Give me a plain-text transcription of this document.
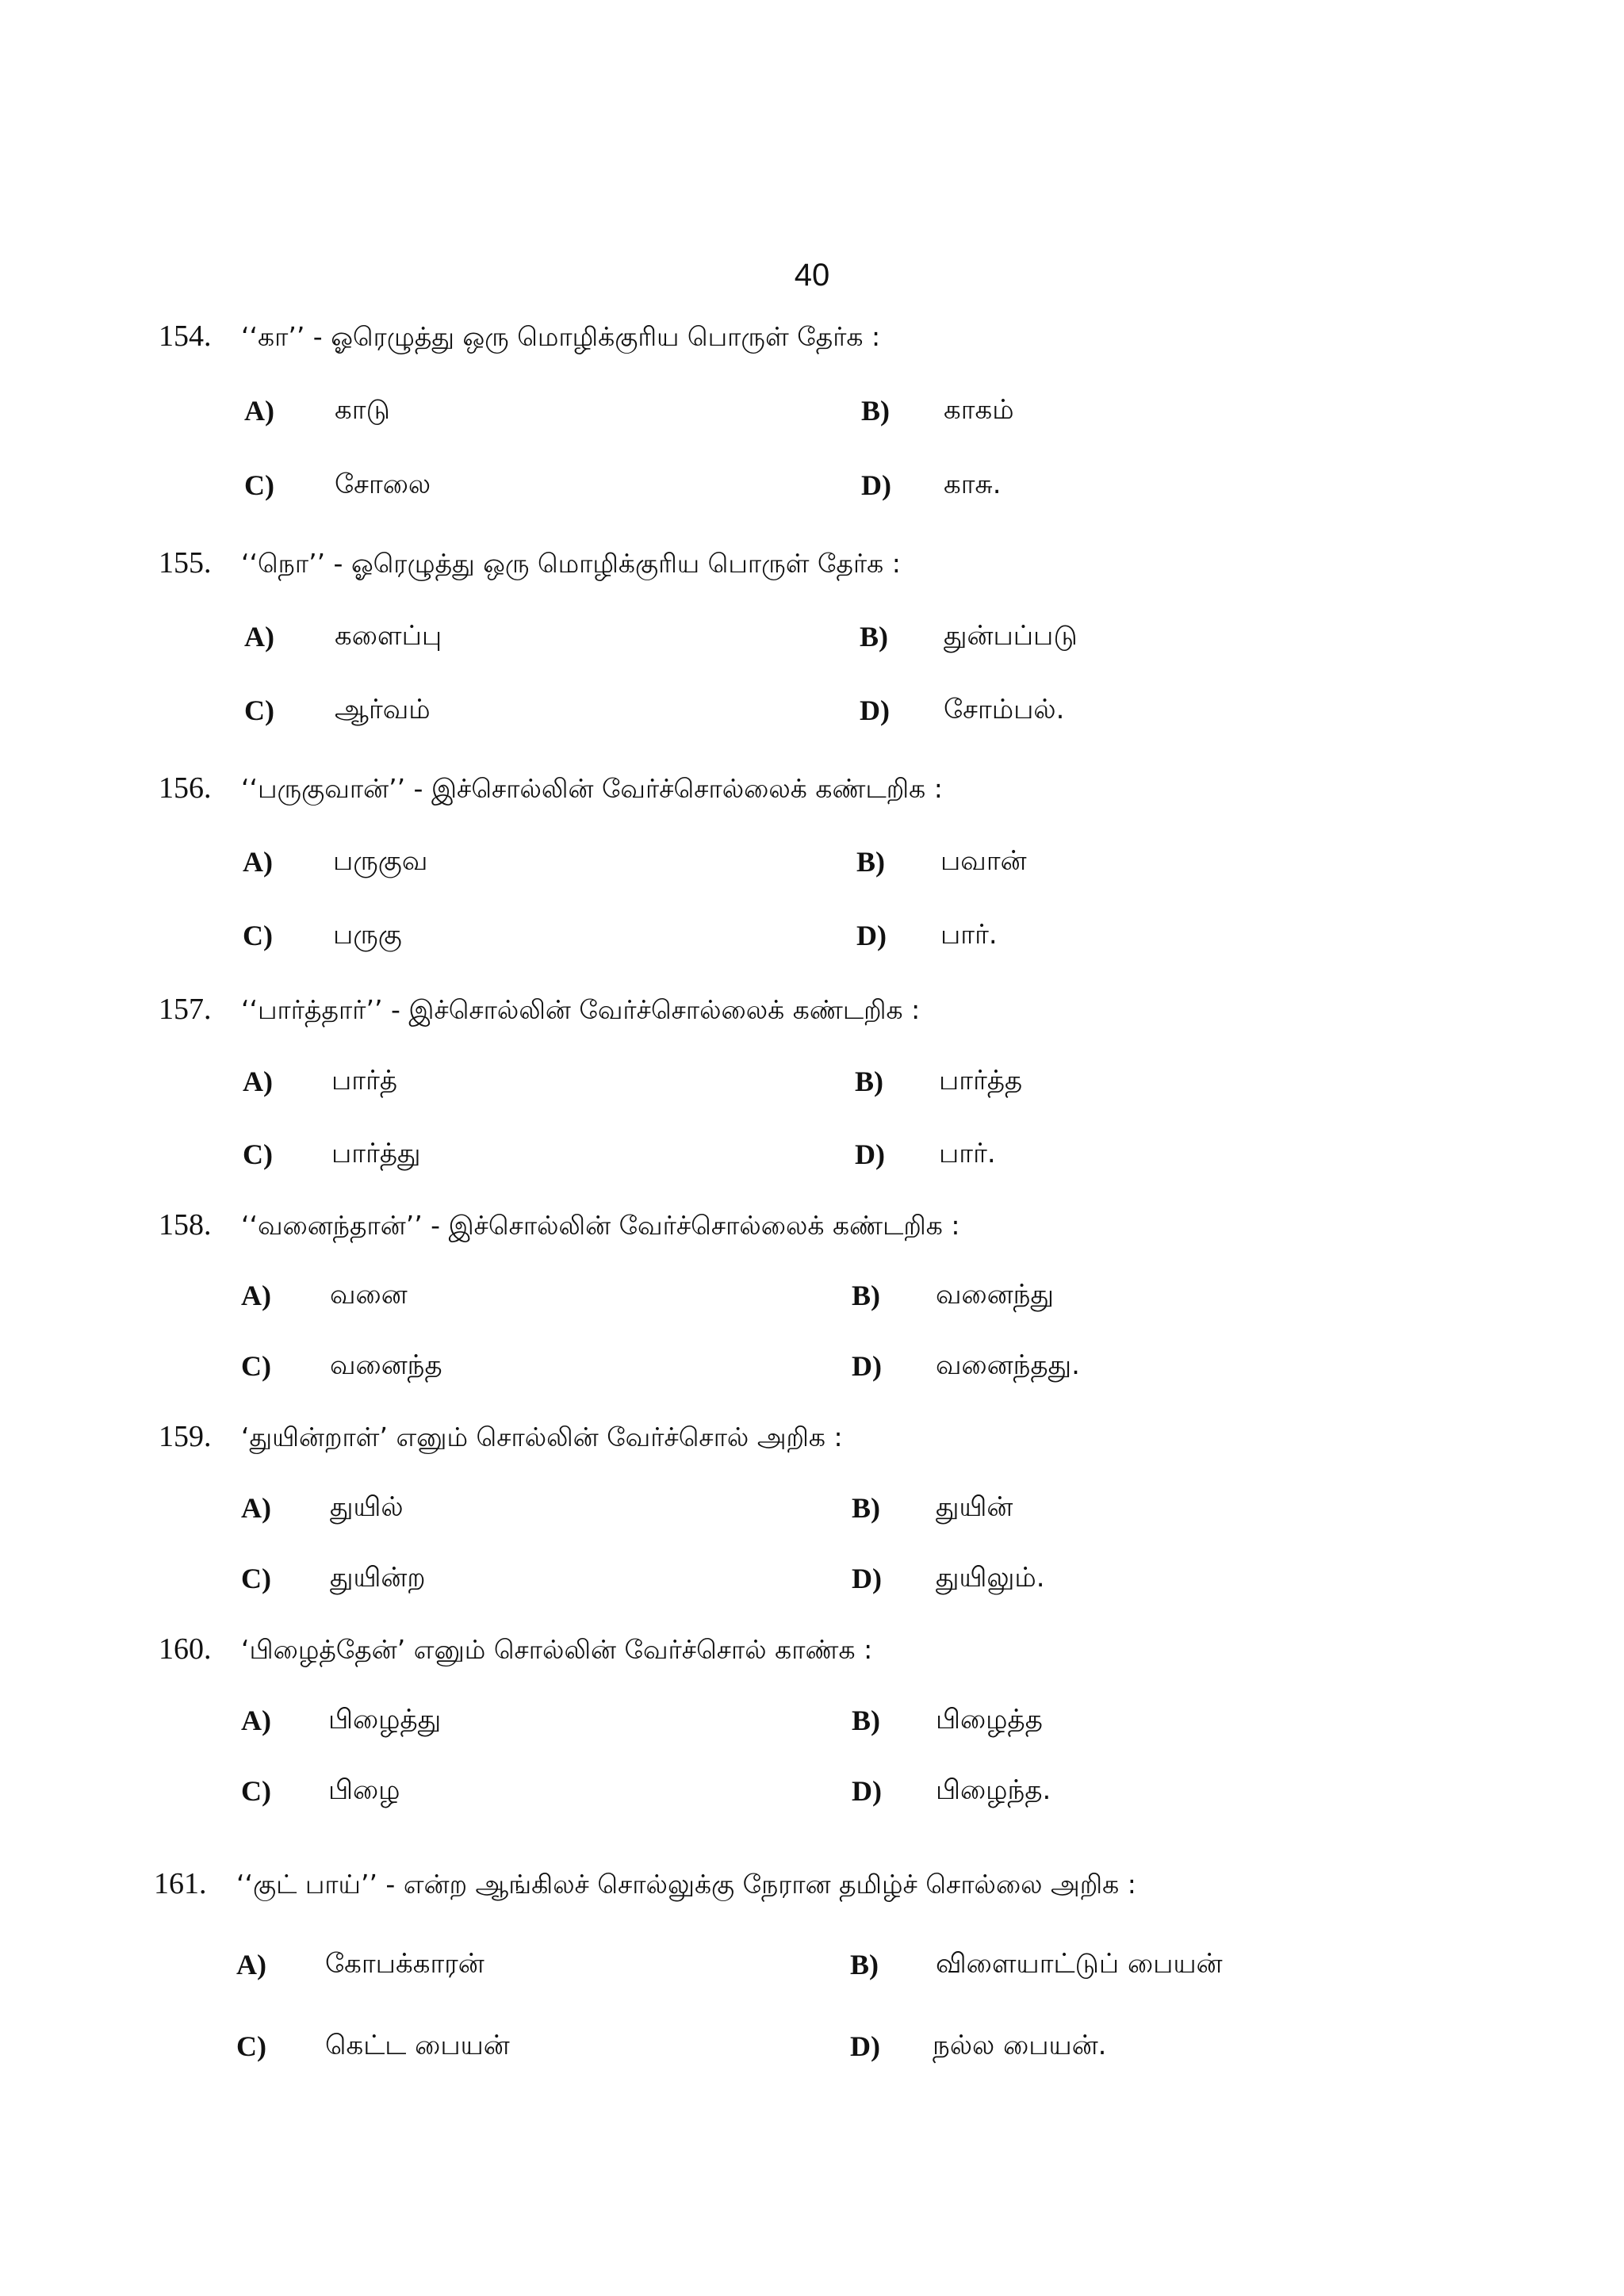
40
154. ‘‘கா’’ - ஓரெழுத்து ஒரு மொழிக்குரிய பொருள் தேர்க :
A) காடு	B) காகம்
C) சோலை	D) காசு.
155. ‘‘நொ’’ - ஓரெழுத்து ஒரு மொழிக்குரிய பொருள் தேர்க :
A) களைப்பு	B) துன்பப்படு
C) ஆர்வம்	D) சோம்பல்.
156. ‘‘பருகுவான்’’ - இச்சொல்லின் வேர்ச்சொல்லைக் கண்டறிக :
A) பருகுவ	B) பவான்
C) பருகு	D) பார்.
157. ‘‘பார்த்தார்’’ - இச்சொல்லின் வேர்ச்சொல்லைக் கண்டறிக :
A) பார்த்	B) பார்த்த
C) பார்த்து	D) பார்.
158. ‘‘வனைந்தான்’’ - இச்சொல்லின் வேர்ச்சொல்லைக் கண்டறிக :
A) வனை	B) வனைந்து
C) வனைந்த	D) வனைந்தது.
159. ‘துயின்றாள்’ எனும் சொல்லின் வேர்ச்சொல் அறிக :
A) துயில்	B) துயின்
C) துயின்ற	D) துயிலும்.
160. ‘பிழைத்தேன்’ எனும் சொல்லின் வேர்ச்சொல் காண்க :
A) பிழைத்து	B) பிழைத்த
C) பிழை	D) பிழைந்த.
161. ‘‘குட் பாய்’’ - என்ற ஆங்கிலச் சொல்லுக்கு நேரான தமிழ்ச் சொல்லை அறிக :
A) கோபக்காரன்	B) விளையாட்டுப் பையன்
C) கெட்ட பையன்	D) நல்ல பையன்.
